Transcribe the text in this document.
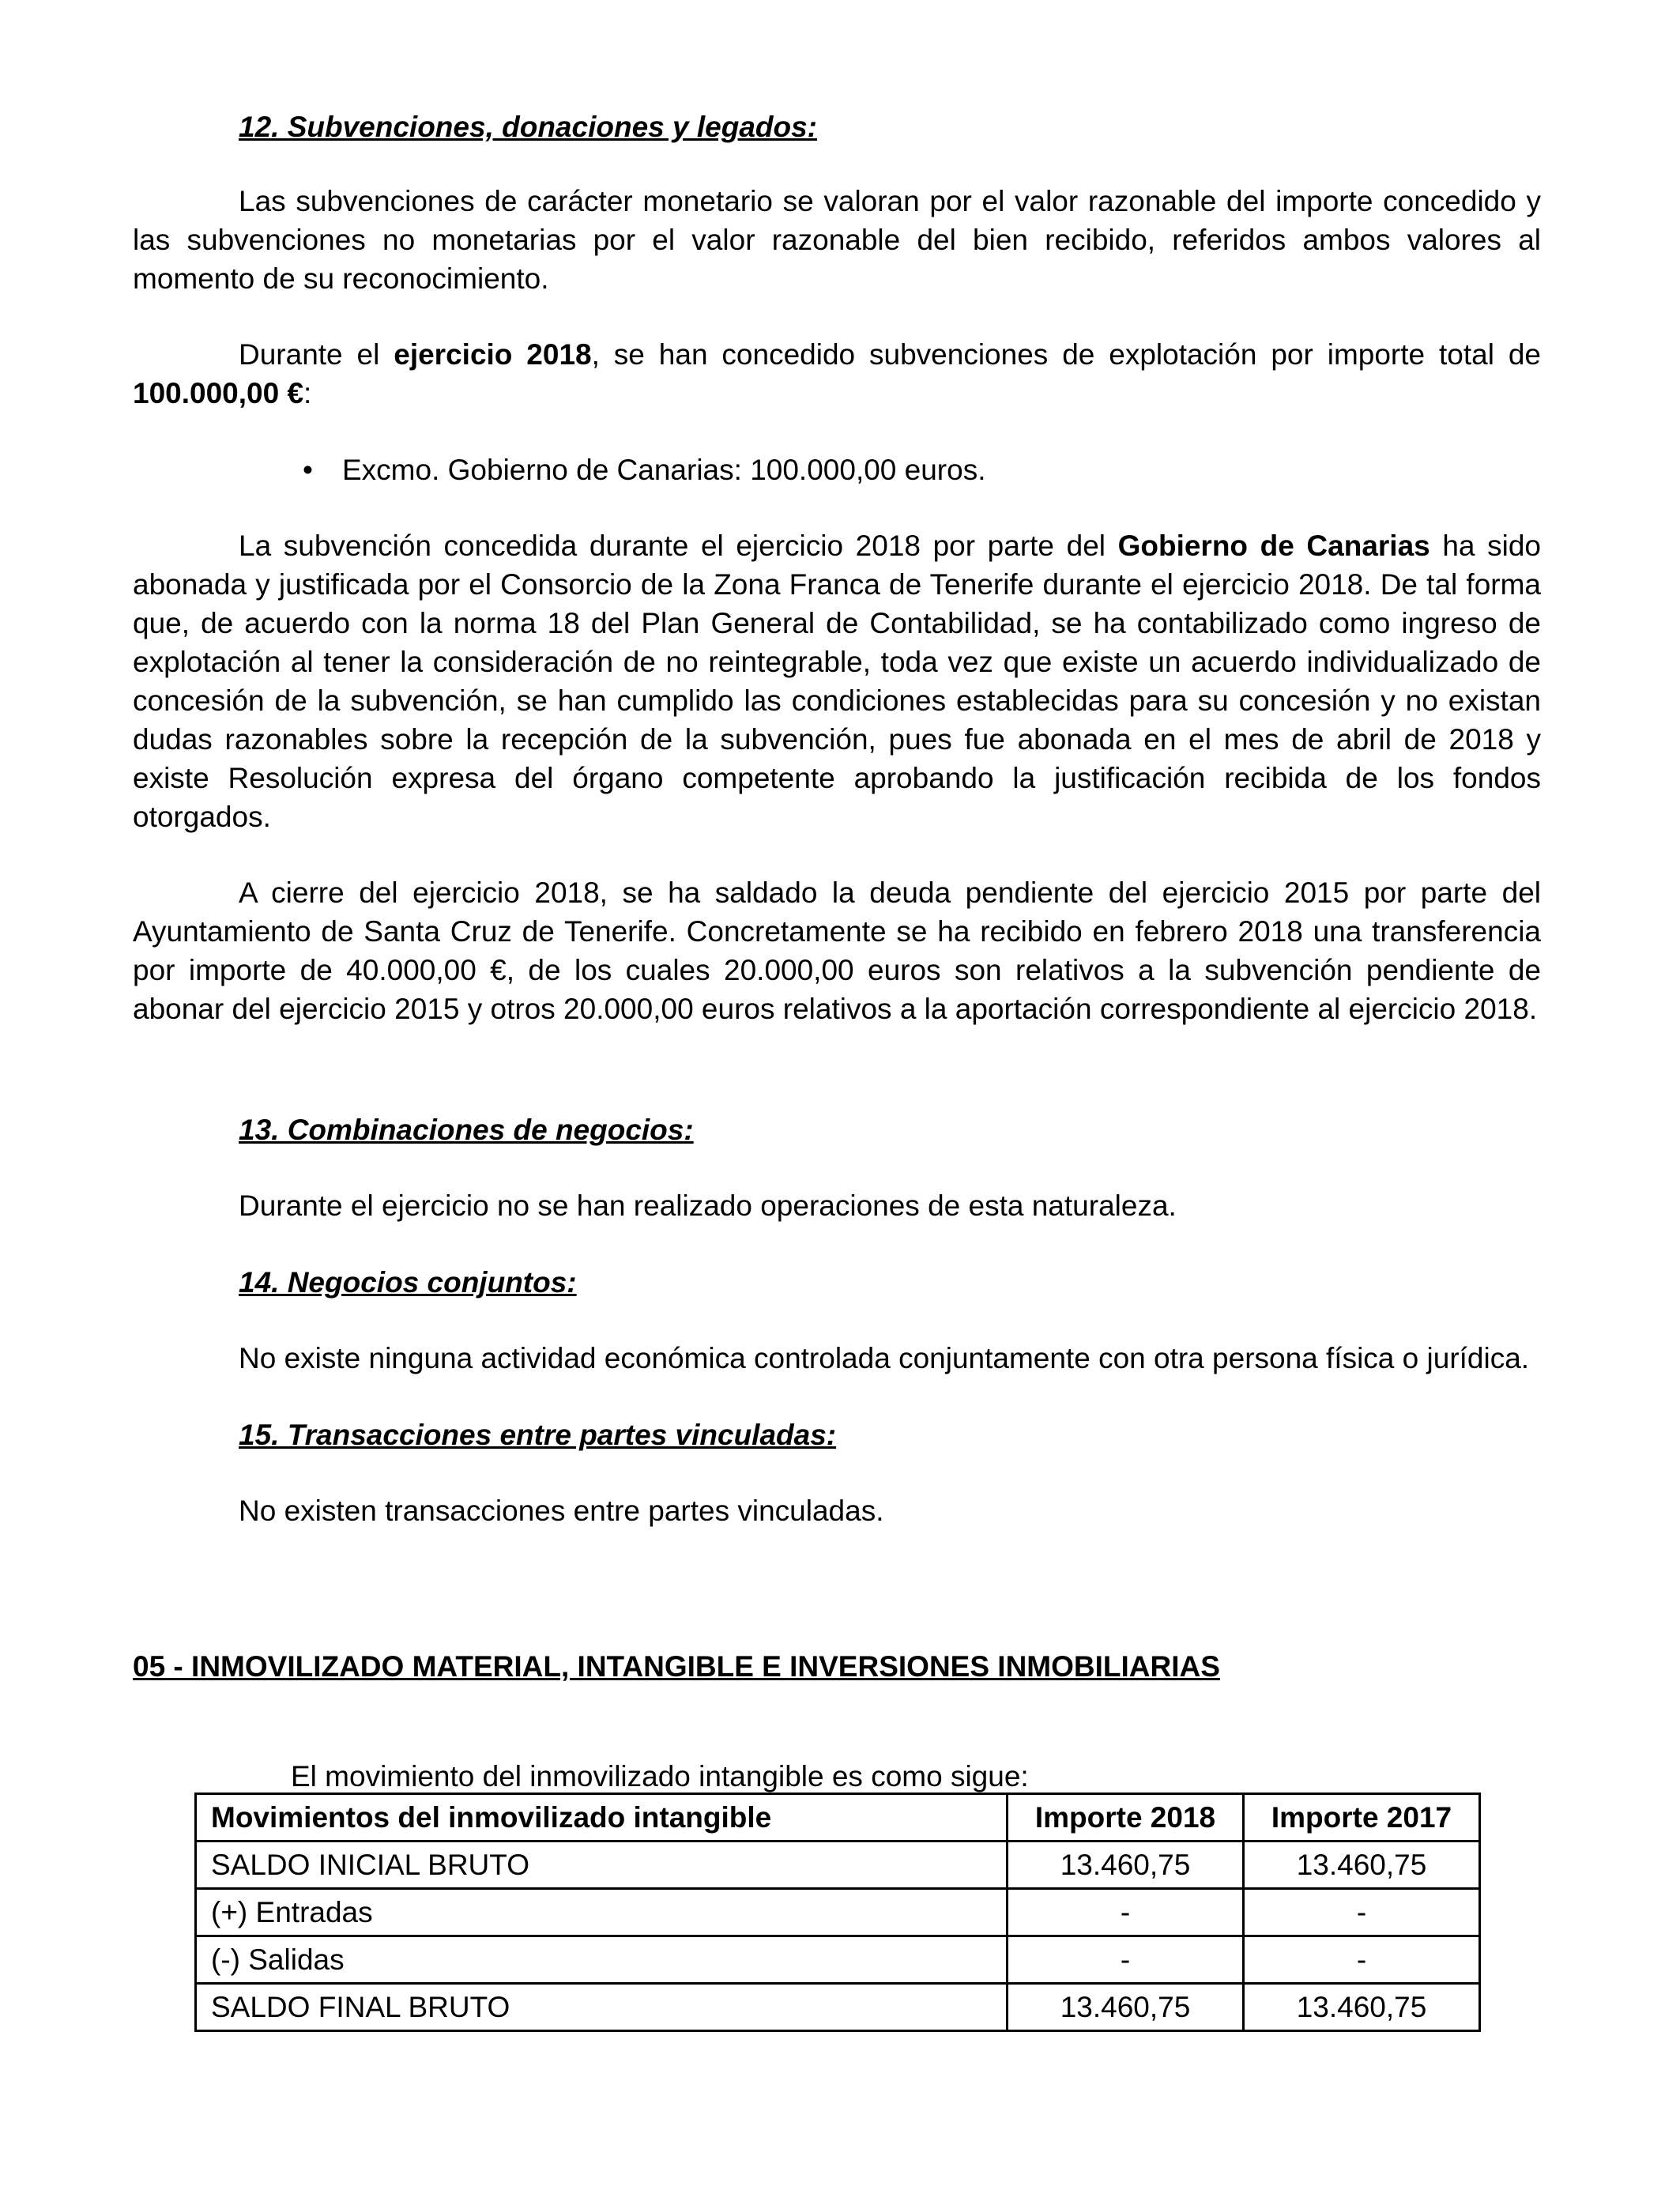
12. Subvenciones, donaciones y legados:

Las subvenciones de carácter monetario se valoran por el valor razonable del importe concedido y las subvenciones no monetarias por el valor razonable del bien recibido, referidos ambos valores al momento de su reconocimiento.

Durante el ejercicio 2018, se han concedido subvenciones de explotación por importe total de 100.000,00 €:

•	Excmo. Gobierno de Canarias: 100.000,00 euros.

La subvención concedida durante el ejercicio 2018 por parte del Gobierno de Canarias ha sido abonada y justificada por el Consorcio de la Zona Franca de Tenerife durante el ejercicio 2018. De tal forma que, de acuerdo con la norma 18 del Plan General de Contabilidad, se ha contabilizado como ingreso de explotación al tener la consideración de no reintegrable, toda vez que existe un acuerdo individualizado de concesión de la subvención, se han cumplido las condiciones establecidas para su concesión y no existan dudas razonables sobre la recepción de la subvención, pues fue abonada en el mes de abril de 2018 y existe Resolución expresa del órgano competente aprobando la justificación recibida de los fondos otorgados.

A cierre del ejercicio 2018, se ha saldado la deuda pendiente del ejercicio 2015 por parte del Ayuntamiento de Santa Cruz de Tenerife. Concretamente se ha recibido en febrero 2018 una transferencia por importe de 40.000,00 €, de los cuales 20.000,00 euros son relativos a la subvención pendiente de abonar del ejercicio 2015 y otros 20.000,00 euros relativos a la aportación correspondiente al ejercicio 2018.

13. Combinaciones de negocios:

Durante el ejercicio no se han realizado operaciones de esta naturaleza.

14. Negocios conjuntos:

No existe ninguna actividad económica controlada conjuntamente con otra persona física o jurídica.

15. Transacciones entre partes vinculadas:

No existen transacciones entre partes vinculadas.

05 - INMOVILIZADO MATERIAL, INTANGIBLE E INVERSIONES INMOBILIARIAS

El movimiento del inmovilizado intangible es como sigue:

Movimientos del inmovilizado intangible	Importe 2018	Importe 2017
SALDO INICIAL BRUTO	13.460,75	13.460,75
(+) Entradas	-	-
(-) Salidas	-	-
SALDO FINAL BRUTO	13.460,75	13.460,75
